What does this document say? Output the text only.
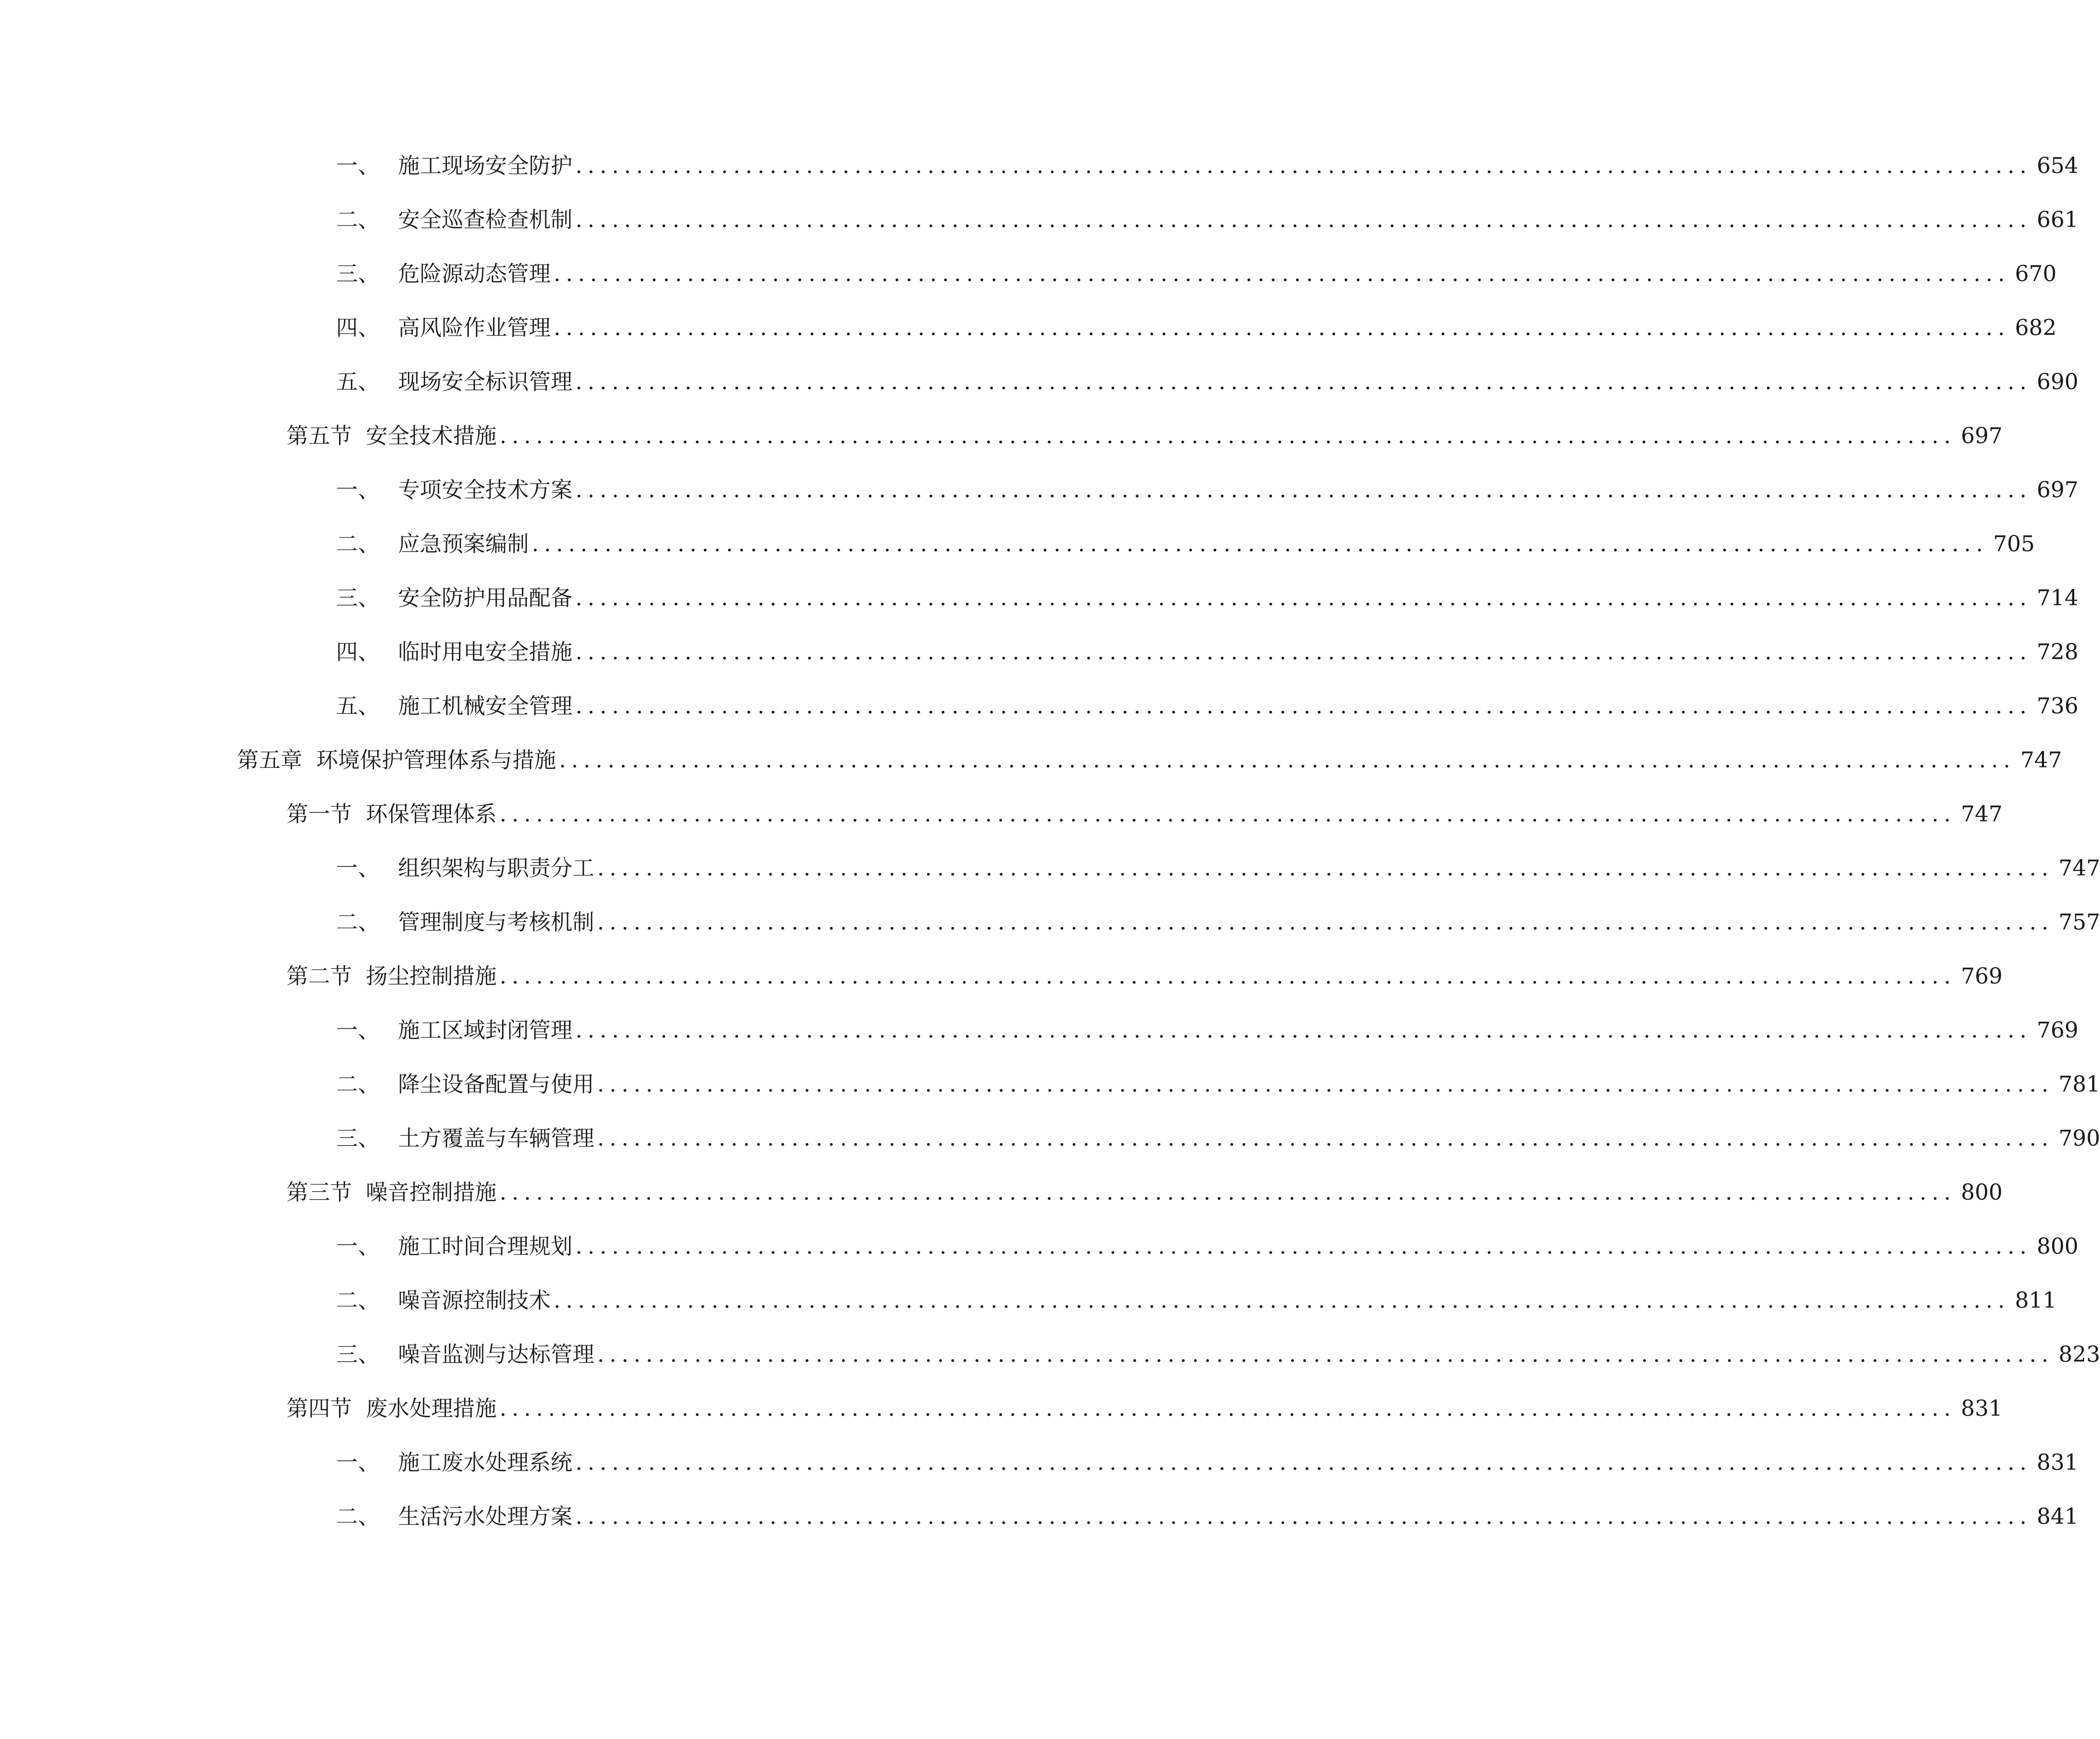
一、 施工现场安全防护 ........................................................................................................................ 654
二、 安全巡查检查机制 ........................................................................................................................ 661
三、 危险源动态管理 ........................................................................................................................ 670
四、 高风险作业管理 ........................................................................................................................ 682
五、 现场安全标识管理 ........................................................................................................................ 690
第五节 安全技术措施 ........................................................................................................................ 697
一、 专项安全技术方案 ........................................................................................................................ 697
二、 应急预案编制 ........................................................................................................................ 705
三、 安全防护用品配备 ........................................................................................................................ 714
四、 临时用电安全措施 ........................................................................................................................ 728
五、 施工机械安全管理 ........................................................................................................................ 736
第五章 环境保护管理体系与措施 ........................................................................................................................ 747
第一节 环保管理体系 ........................................................................................................................ 747
一、 组织架构与职责分工 ........................................................................................................................ 747
二、 管理制度与考核机制 ........................................................................................................................ 757
第二节 扬尘控制措施 ........................................................................................................................ 769
一、 施工区域封闭管理 ........................................................................................................................ 769
二、 降尘设备配置与使用 ........................................................................................................................ 781
三、 土方覆盖与车辆管理 ........................................................................................................................ 790
第三节 噪音控制措施 ........................................................................................................................ 800
一、 施工时间合理规划 ........................................................................................................................ 800
二、 噪音源控制技术 ........................................................................................................................ 811
三、 噪音监测与达标管理 ........................................................................................................................ 823
第四节 废水处理措施 ........................................................................................................................ 831
一、 施工废水处理系统 ........................................................................................................................ 831
二、 生活污水处理方案 ........................................................................................................................ 841
